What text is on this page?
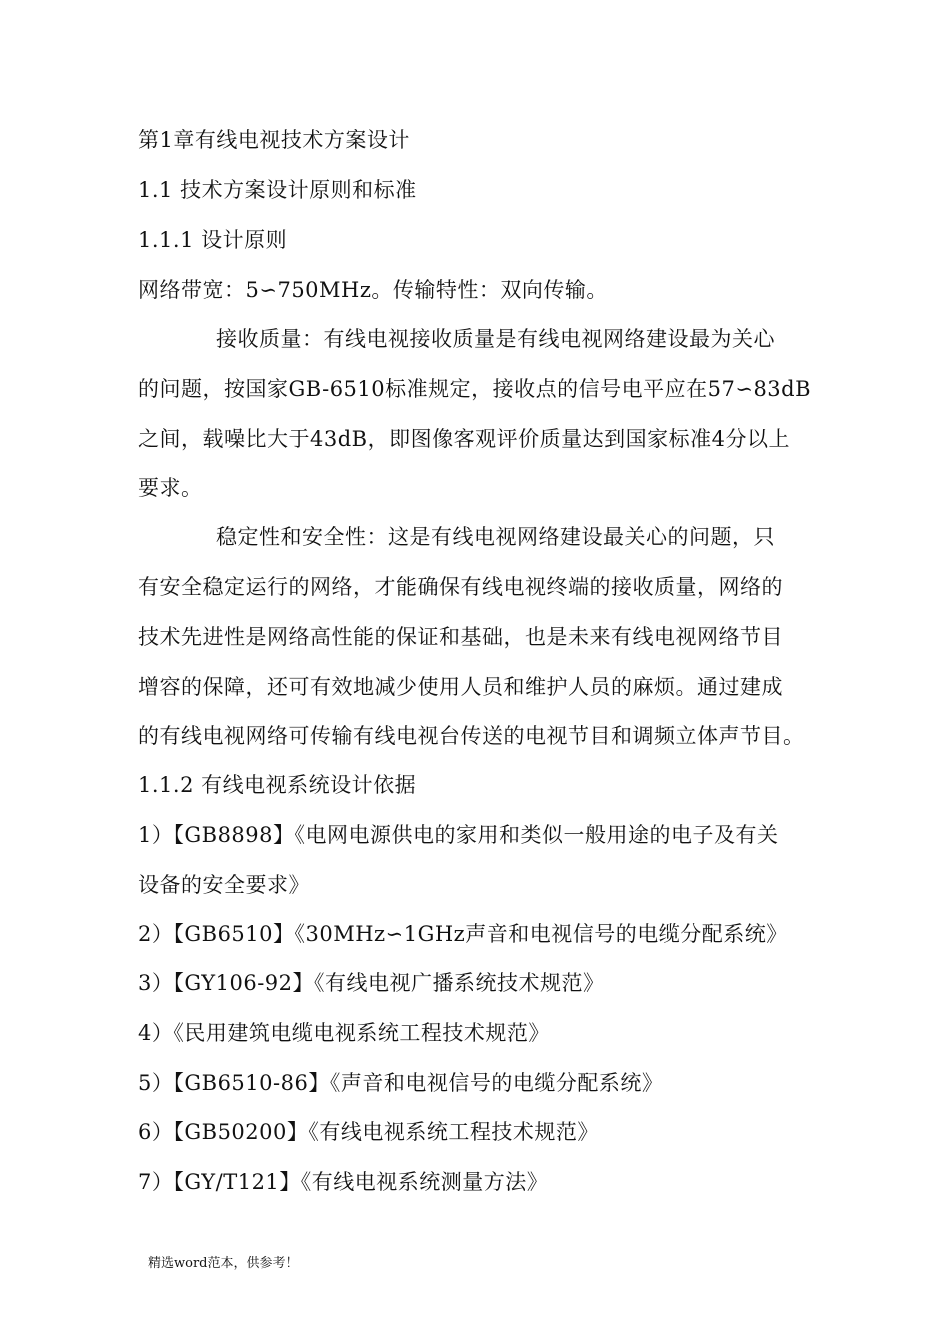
第1章有线电视技术方案设计
1.1 技术方案设计原则和标准
1.1.1 设计原则
网络带宽：5∽750MHz。传输特性：双向传输。
接收质量：有线电视接收质量是有线电视网络建设最为关心
的问题，按国家GB-6510标准规定，接收点的信号电平应在57∽83dB
之间，载噪比大于43dB，即图像客观评价质量达到国家标准4分以上
要求。
稳定性和安全性：这是有线电视网络建设最关心的问题，只
有安全稳定运行的网络，才能确保有线电视终端的接收质量，网络的
技术先进性是网络高性能的保证和基础，也是未来有线电视网络节目
增容的保障，还可有效地减少使用人员和维护人员的麻烦。通过建成
的有线电视网络可传输有线电视台传送的电视节目和调频立体声节目。
1.1.2 有线电视系统设计依据
1）【GB8898】《电网电源供电的家用和类似一般用途的电子及有关
设备的安全要求》
2）【GB6510】《30MHz∽1GHz声音和电视信号的电缆分配系统》
3）【GY106-92】《有线电视广播系统技术规范》
4）《民用建筑电缆电视系统工程技术规范》
5）【GB6510-86】《声音和电视信号的电缆分配系统》
6）【GB50200】《有线电视系统工程技术规范》
7）【GY/T121】《有线电视系统测量方法》
精选word范本，供参考！
